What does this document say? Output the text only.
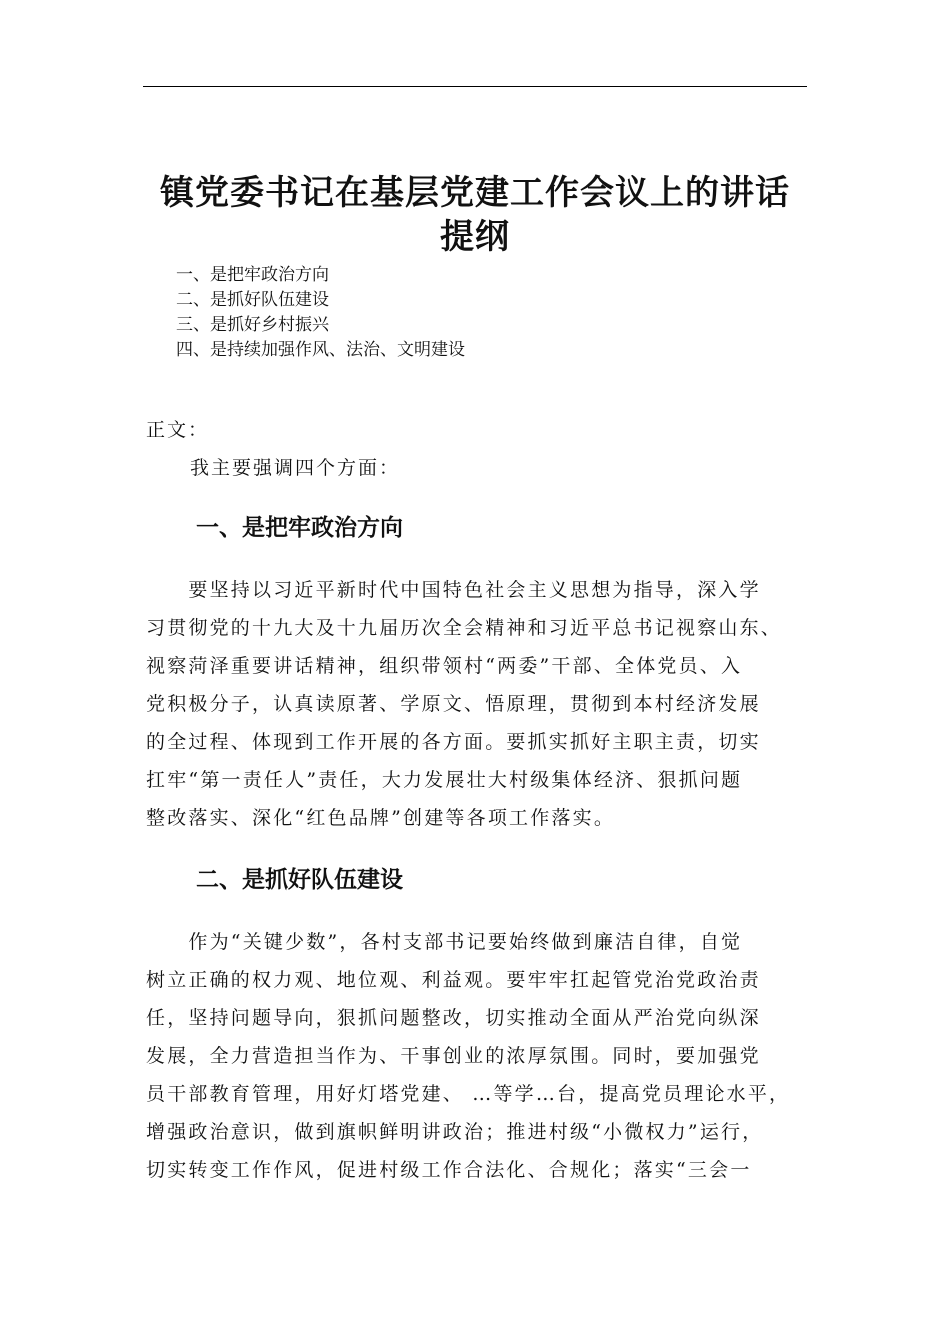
镇党委书记在基层党建工作会议上的讲话
提纲
一、是把牢政治方向
二、是抓好队伍建设
三、是抓好乡村振兴
四、是持续加强作风、法治、文明建设
正文：
我主要强调四个方面：
一、是把牢政治方向
　　要坚持以习近平新时代中国特色社会主义思想为指导，深入学
习贯彻党的十九大及十九届历次全会精神和习近平总书记视察山东、
视察菏泽重要讲话精神，组织带领村“两委”干部、全体党员、入
党积极分子，认真读原著、学原文、悟原理，贯彻到本村经济发展
的全过程、体现到工作开展的各方面。要抓实抓好主职主责，切实
扛牢“第一责任人”责任，大力发展壮大村级集体经济、狠抓问题
整改落实、深化“红色品牌”创建等各项工作落实。
二、是抓好队伍建设
　　作为“关键少数”，各村支部书记要始终做到廉洁自律，自觉
树立正确的权力观、地位观、利益观。要牢牢扛起管党治党政治责
任，坚持问题导向，狠抓问题整改，切实推动全面从严治党向纵深
发展，全力营造担当作为、干事创业的浓厚氛围。同时，要加强党
员干部教育管理，用好灯塔党建、 …等学…台，提高党员理论水平，
增强政治意识，做到旗帜鲜明讲政治；推进村级“小微权力”运行，
切实转变工作作风，促进村级工作合法化、合规化；落实“三会一
